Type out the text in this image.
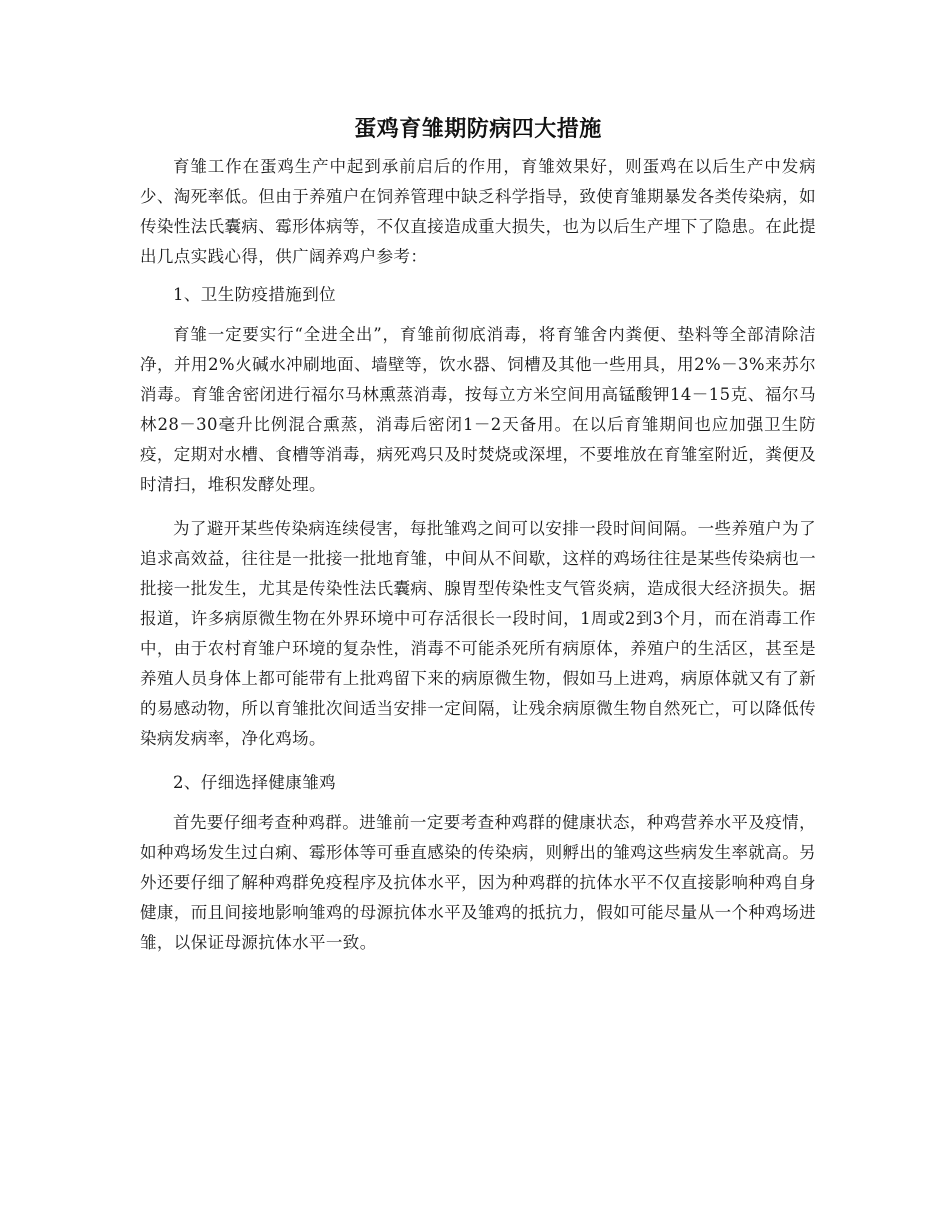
蛋鸡育雏期防病四大措施

育雏工作在蛋鸡生产中起到承前启后的作用，育雏效果好，则蛋鸡在以后生产中发病少、淘死率低。但由于养殖户在饲养管理中缺乏科学指导，致使育雏期暴发各类传染病，如传染性法氏囊病、霉形体病等，不仅直接造成重大损失，也为以后生产埋下了隐患。在此提出几点实践心得，供广阔养鸡户参考：

1、卫生防疫措施到位

育雏一定要实行“全进全出”，育雏前彻底消毒，将育雏舍内粪便、垫料等全部清除洁净，并用2%火碱水冲刷地面、墙壁等，饮水器、饲槽及其他一些用具，用2%－3%来苏尔消毒。育雏舍密闭进行福尔马林熏蒸消毒，按每立方米空间用高锰酸钾14－15克、福尔马林28－30毫升比例混合熏蒸，消毒后密闭1－2天备用。在以后育雏期间也应加强卫生防疫，定期对水槽、食槽等消毒，病死鸡只及时焚烧或深埋，不要堆放在育雏室附近，粪便及时清扫，堆积发酵处理。

为了避开某些传染病连续侵害，每批雏鸡之间可以安排一段时间间隔。一些养殖户为了追求高效益，往往是一批接一批地育雏，中间从不间歇，这样的鸡场往往是某些传染病也一批接一批发生，尤其是传染性法氏囊病、腺胃型传染性支气管炎病，造成很大经济损失。据报道，许多病原微生物在外界环境中可存活很长一段时间，1周或2到3个月，而在消毒工作中，由于农村育雏户环境的复杂性，消毒不可能杀死所有病原体，养殖户的生活区，甚至是养殖人员身体上都可能带有上批鸡留下来的病原微生物，假如马上进鸡，病原体就又有了新的易感动物，所以育雏批次间适当安排一定间隔，让残余病原微生物自然死亡，可以降低传染病发病率，净化鸡场。

2、仔细选择健康雏鸡

首先要仔细考查种鸡群。进雏前一定要考查种鸡群的健康状态，种鸡营养水平及疫情，如种鸡场发生过白痢、霉形体等可垂直感染的传染病，则孵出的雏鸡这些病发生率就高。另外还要仔细了解种鸡群免疫程序及抗体水平，因为种鸡群的抗体水平不仅直接影响种鸡自身健康，而且间接地影响雏鸡的母源抗体水平及雏鸡的抵抗力，假如可能尽量从一个种鸡场进雏，以保证母源抗体水平一致。
